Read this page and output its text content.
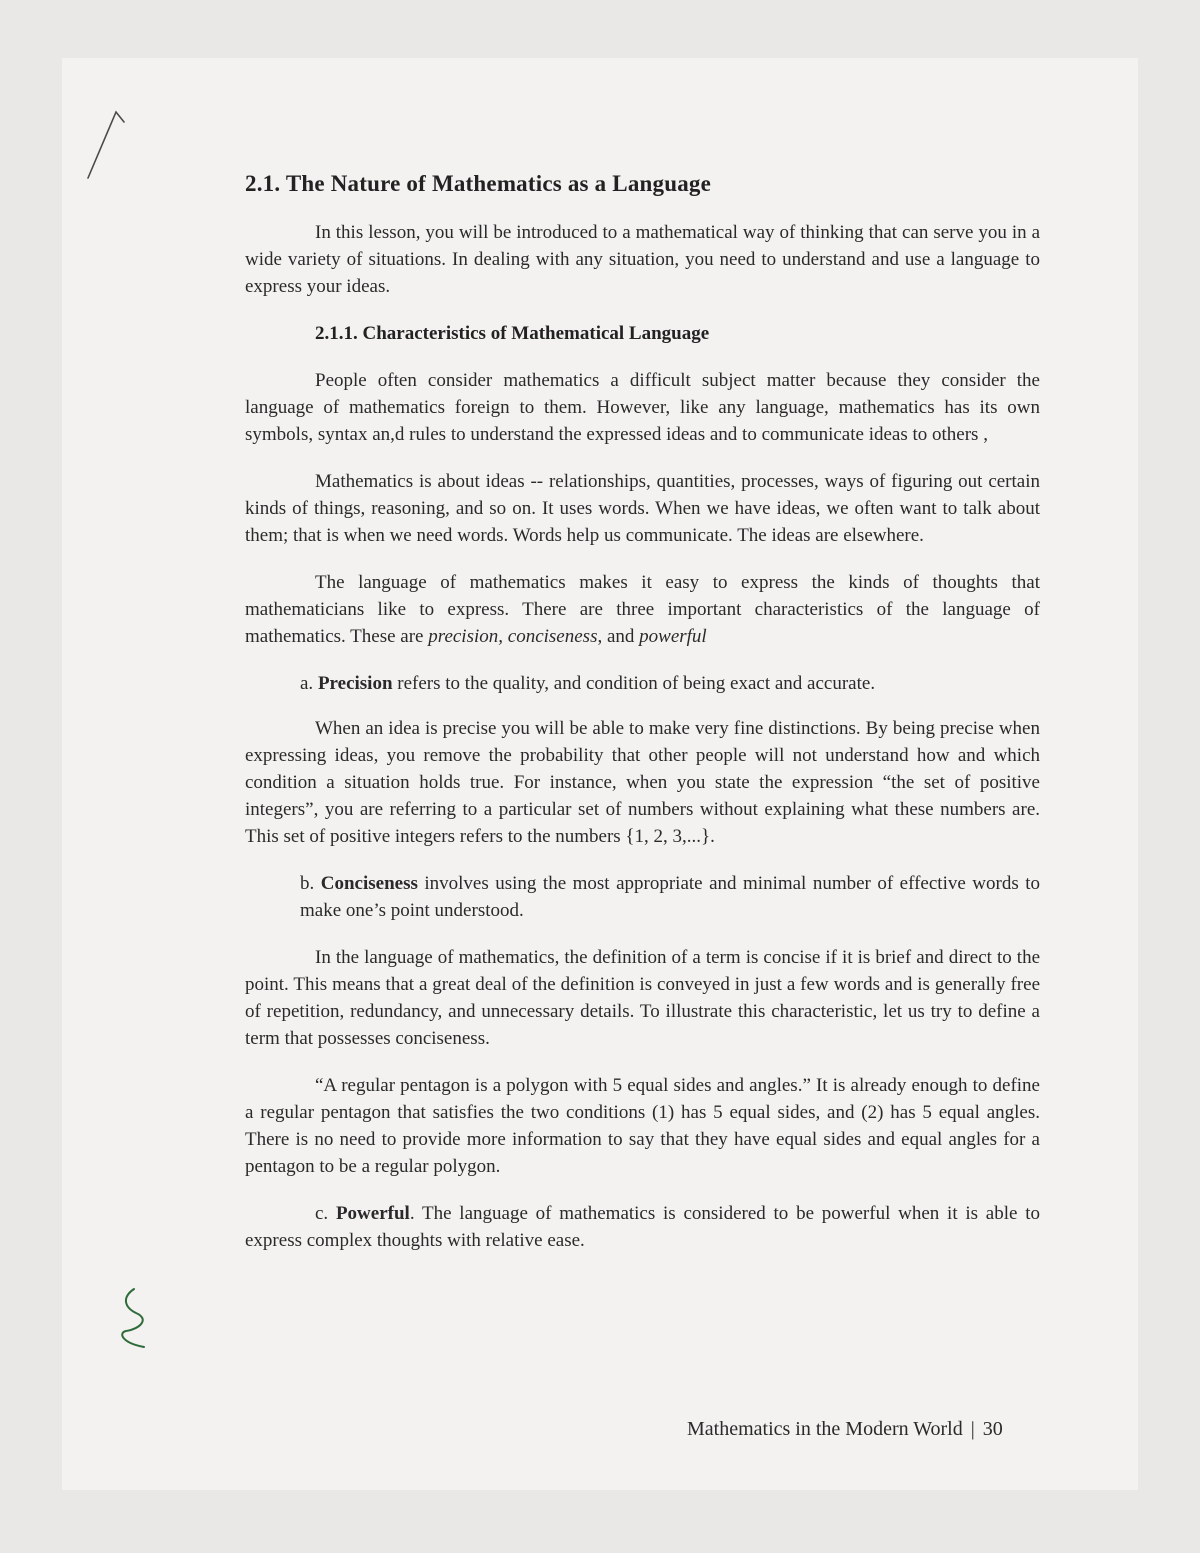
2.1. The Nature of Mathematics as a Language

In this lesson, you will be introduced to a mathematical way of thinking that can serve you in a wide variety of situations. In dealing with any situation, you need to understand and use a language to express your ideas.

2.1.1. Characteristics of Mathematical Language

People often consider mathematics a difficult subject matter because they consider the language of mathematics foreign to them. However, like any language, mathematics has its own symbols, syntax an,d rules to understand the expressed ideas and to communicate ideas to others ,

Mathematics is about ideas -- relationships, quantities, processes, ways of figuring out certain kinds of things, reasoning, and so on. It uses words. When we have ideas, we often want to talk about them; that is when we need words. Words help us communicate. The ideas are elsewhere.

The language of mathematics makes it easy to express the kinds of thoughts that mathematicians like to express. There are three important characteristics of the language of mathematics. These are precision, conciseness, and powerful

a. Precision refers to the quality, and condition of being exact and accurate.

When an idea is precise you will be able to make very fine distinctions. By being precise when expressing ideas, you remove the probability that other people will not understand how and which condition a situation holds true. For instance, when you state the expression “the set of positive integers”, you are referring to a particular set of numbers without explaining what these numbers are. This set of positive integers refers to the numbers {1, 2, 3,...}.

b. Conciseness involves using the most appropriate and minimal number of effective words to make one’s point understood.

In the language of mathematics, the definition of a term is concise if it is brief and direct to the point. This means that a great deal of the definition is conveyed in just a few words and is generally free of repetition, redundancy, and unnecessary details. To illustrate this characteristic, let us try to define a term that possesses conciseness.

“A regular pentagon is a polygon with 5 equal sides and angles.” It is already enough to define a regular pentagon that satisfies the two conditions (1) has 5 equal sides, and (2) has 5 equal angles. There is no need to provide more information to say that they have equal sides and equal angles for a pentagon to be a regular polygon.

c. Powerful. The language of mathematics is considered to be powerful when it is able to express complex thoughts with relative ease.

Mathematics in the Modern World | 30
